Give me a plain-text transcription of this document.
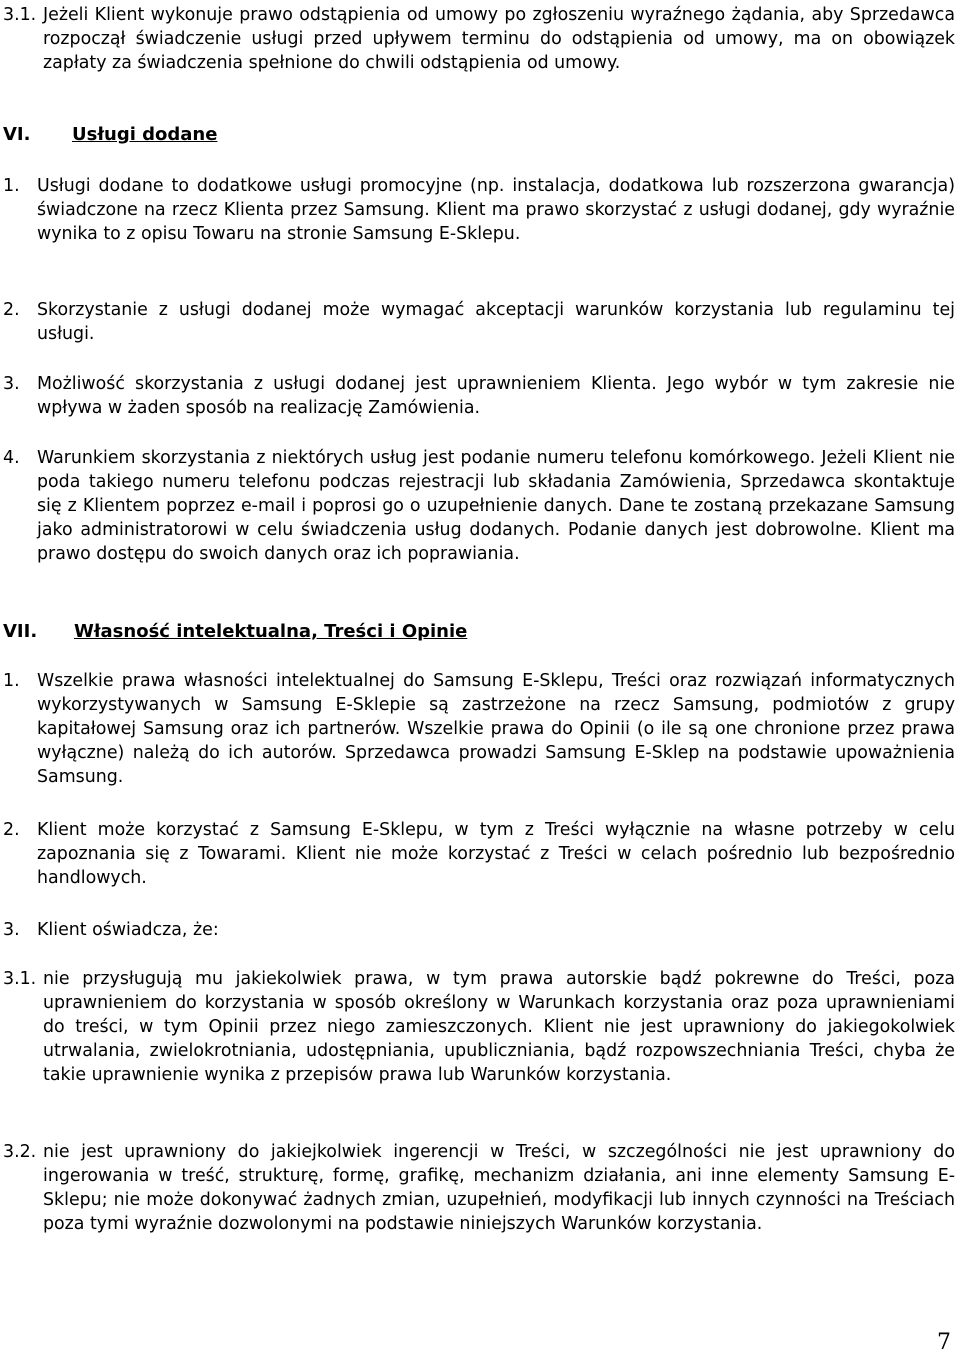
3.1. Jeżeli Klient wykonuje prawo odstąpienia od umowy po zgłoszeniu wyraźnego żądania, aby Sprzedawca rozpoczął świadczenie usługi przed upływem terminu do odstąpienia od umowy, ma on obowiązek zapłaty za świadczenia spełnione do chwili odstąpienia od umowy.
VI. Usługi dodane
1. Usługi dodane to dodatkowe usługi promocyjne (np. instalacja, dodatkowa lub rozszerzona gwarancja) świadczone na rzecz Klienta przez Samsung. Klient ma prawo skorzystać z usługi dodanej, gdy wyraźnie wynika to z opisu Towaru na stronie Samsung E-Sklepu.
2. Skorzystanie z usługi dodanej może wymagać akceptacji warunków korzystania lub regulaminu tej usługi.
3. Możliwość skorzystania z usługi dodanej jest uprawnieniem Klienta. Jego wybór w tym zakresie nie wpływa w żaden sposób na realizację Zamówienia.
4. Warunkiem skorzystania z niektórych usług jest podanie numeru telefonu komórkowego. Jeżeli Klient nie poda takiego numeru telefonu podczas rejestracji lub składania Zamówienia, Sprzedawca skontaktuje się z Klientem poprzez e-mail i poprosi go o uzupełnienie danych. Dane te zostaną przekazane Samsung jako administratorowi w celu świadczenia usług dodanych. Podanie danych jest dobrowolne. Klient ma prawo dostępu do swoich danych oraz ich poprawiania.
VII. Własność intelektualna, Treści i Opinie
1. Wszelkie prawa własności intelektualnej do Samsung E-Sklepu, Treści oraz rozwiązań informatycznych wykorzystywanych w Samsung E-Sklepie są zastrzeżone na rzecz Samsung, podmiotów z grupy kapitałowej Samsung oraz ich partnerów. Wszelkie prawa do Opinii (o ile są one chronione przez prawa wyłączne) należą do ich autorów. Sprzedawca prowadzi Samsung E-Sklep na podstawie upoważnienia Samsung.
2. Klient może korzystać z Samsung E-Sklepu, w tym z Treści wyłącznie na własne potrzeby w celu zapoznania się z Towarami. Klient nie może korzystać z Treści w celach pośrednio lub bezpośrednio handlowych.
3. Klient oświadcza, że:
3.1. nie przysługują mu jakiekolwiek prawa, w tym prawa autorskie bądź pokrewne do Treści, poza uprawnieniem do korzystania w sposób określony w Warunkach korzystania oraz poza uprawnieniami do treści, w tym Opinii przez niego zamieszczonych. Klient nie jest uprawniony do jakiegokolwiek utrwalania, zwielokrotniania, udostępniania, upubliczniania, bądź rozpowszechniania Treści, chyba że takie uprawnienie wynika z przepisów prawa lub Warunków korzystania.
3.2. nie jest uprawniony do jakiejkolwiek ingerencji w Treści, w szczególności nie jest uprawniony do ingerowania w treść, strukturę, formę, grafikę, mechanizm działania, ani inne elementy Samsung E-Sklepu; nie może dokonywać żadnych zmian, uzupełnień, modyfikacji lub innych czynności na Treściach poza tymi wyraźnie dozwolonymi na podstawie niniejszych Warunków korzystania.
7
